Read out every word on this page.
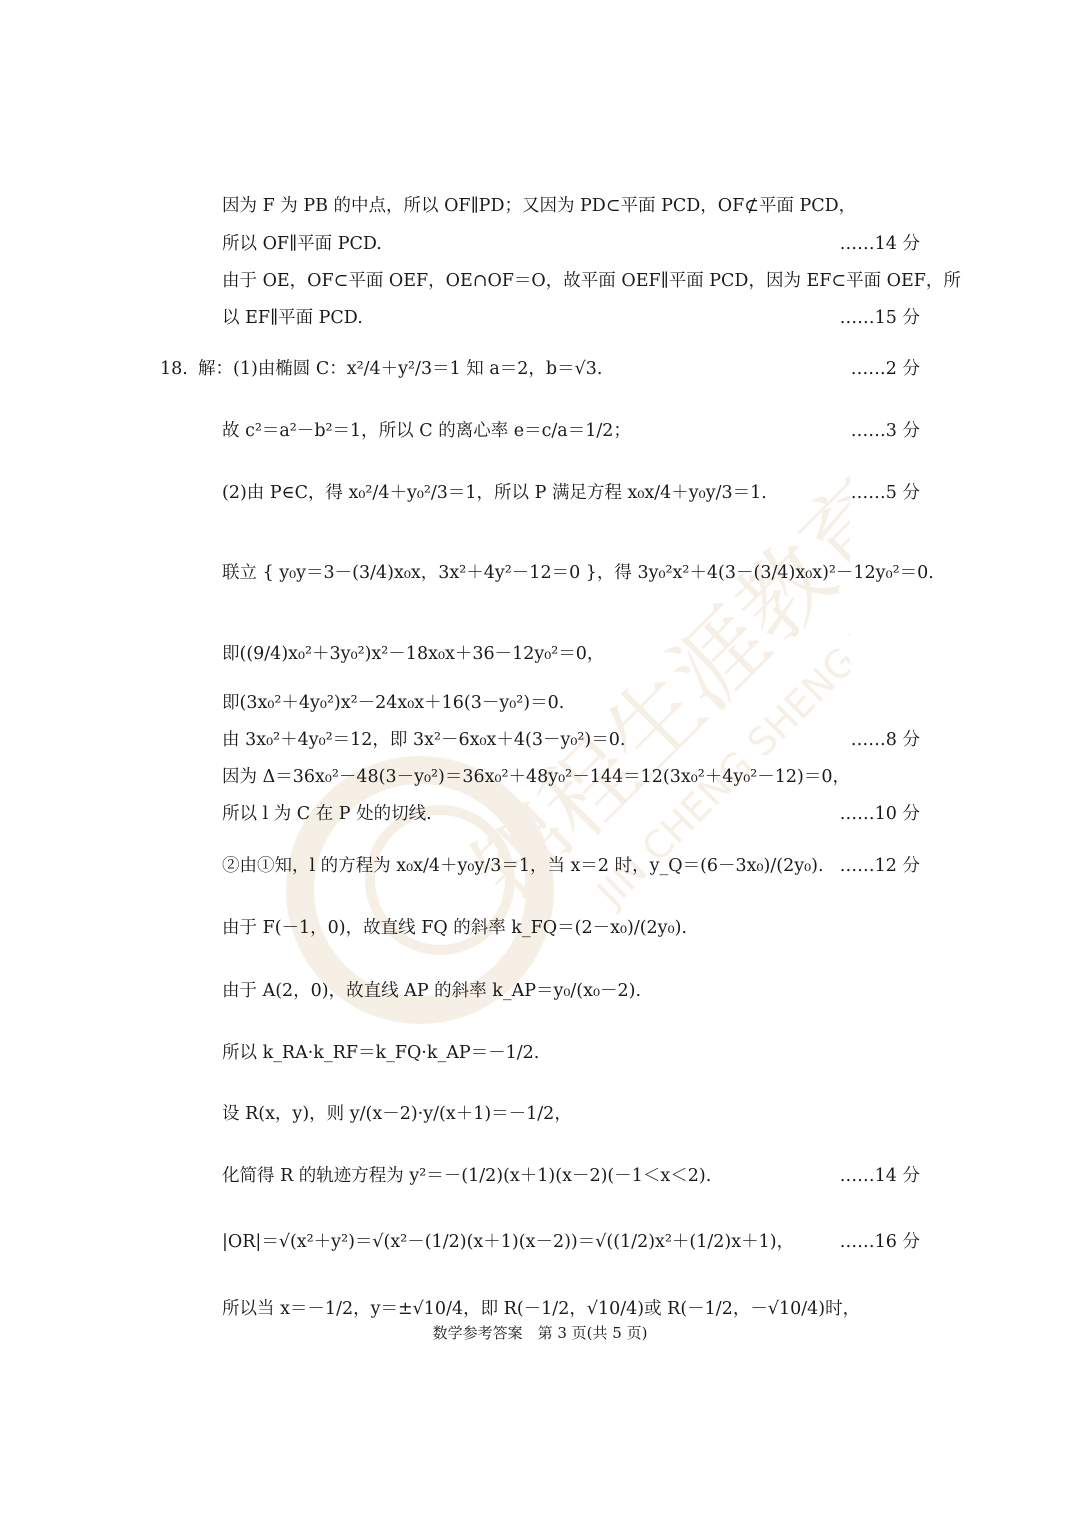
锦程生涯教育
JIN CHENG SHENG YA
因为 F 为 PB 的中点，所以 OF∥PD；又因为 PD⊂平面 PCD，OF⊄平面 PCD，
所以 OF∥平面 PCD.	……14 分
由于 OE，OF⊂平面 OEF，OE∩OF＝O，故平面 OEF∥平面 PCD，因为 EF⊂平面 OEF，所
以 EF∥平面 PCD.	……15 分
18. 解：(1)由椭圆 C：x²/4＋y²/3＝1 知 a＝2，b＝√3.	……2 分
故 c²＝a²－b²＝1，所以 C 的离心率 e＝c/a＝1/2；	……3 分
(2)由 P∈C，得 x₀²/4＋y₀²/3＝1，所以 P 满足方程 x₀x/4＋y₀y/3＝1.	……5 分
联立 { y₀y＝3－(3/4)x₀x，3x²＋4y²－12＝0 }，得 3y₀²x²＋4(3－(3/4)x₀x)²－12y₀²＝0.
即((9/4)x₀²＋3y₀²)x²－18x₀x＋36－12y₀²＝0，
即(3x₀²＋4y₀²)x²－24x₀x＋16(3－y₀²)＝0.
由 3x₀²＋4y₀²＝12，即 3x²－6x₀x＋4(3－y₀²)＝0.	……8 分
因为 Δ＝36x₀²－48(3－y₀²)＝36x₀²＋48y₀²－144＝12(3x₀²＋4y₀²－12)＝0，
所以 l 为 C 在 P 处的切线.	……10 分
②由①知，l 的方程为 x₀x/4＋y₀y/3＝1，当 x＝2 时，y_Q＝(6－3x₀)/(2y₀). ……12 分
由于 F(－1，0)，故直线 FQ 的斜率 k_FQ＝(2－x₀)/(2y₀).
由于 A(2，0)，故直线 AP 的斜率 k_AP＝y₀/(x₀－2).
所以 k_RA·k_RF＝k_FQ·k_AP＝－1/2.
设 R(x，y)，则 y/(x－2)·y/(x＋1)＝－1/2，
化简得 R 的轨迹方程为 y²＝－(1/2)(x＋1)(x－2)(－1＜x＜2).	……14 分
|OR|＝√(x²＋y²)＝√(x²－(1/2)(x＋1)(x－2))＝√((1/2)x²＋(1/2)x＋1)，	……16 分
所以当 x＝－1/2，y＝±√10/4，即 R(－1/2，√10/4)或 R(－1/2，－√10/4)时，
数学参考答案　第 3 页(共 5 页)
